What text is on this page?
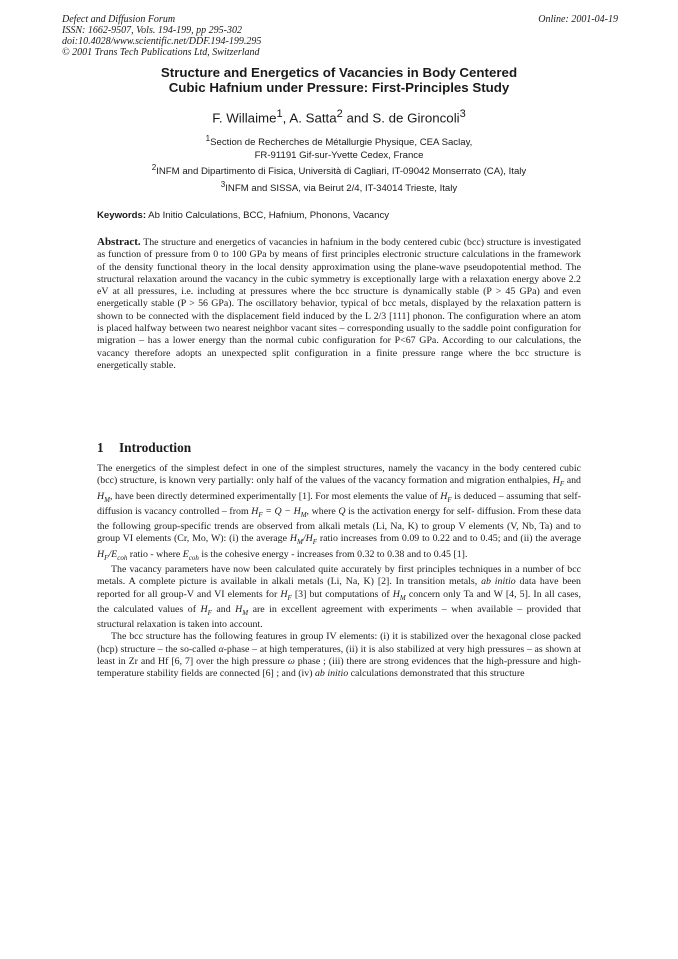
Defect and Diffusion Forum
ISSN: 1662-9507, Vols. 194-199, pp 295-302
doi:10.4028/www.scientific.net/DDF.194-199.295
© 2001 Trans Tech Publications Ltd, Switzerland
Online: 2001-04-19
Structure and Energetics of Vacancies in Body Centered
Cubic Hafnium under Pressure: First-Principles Study
F. Willaime$^1$, A. Satta$^2$ and S. de Gironcoli$^3$
$^1$Section de Recherches de Métallurgie Physique, CEA Saclay,
FR-91191 Gif-sur-Yvette Cedex, France
$^2$INFM and Dipartimento di Fisica, Università di Cagliari, IT-09042 Monserrato (CA), Italy
$^3$INFM and SISSA, via Beirut 2/4, IT-34014 Trieste, Italy
Keywords: Ab Initio Calculations, BCC, Hafnium, Phonons, Vacancy
Abstract. The structure and energetics of vacancies in hafnium in the body centered cubic (bcc) structure is investigated as function of pressure from 0 to 100 GPa by means of first principles electronic structure calculations in the framework of the density functional theory in the local density approximation using the plane-wave pseudopotential method. The structural relaxation around the vacancy in the cubic symmetry is exceptionally large with a relaxation energy above 2.2 eV at all pressures, i.e. including at pressures where the bcc structure is dynamically stable (P > 45 GPa) and even energetically stable (P > 56 GPa). The oscillatory behavior, typical of bcc metals, displayed by the relaxation pattern is shown to be connected with the displacement field induced by the L 2/3 [111] phonon. The configuration where an atom is placed halfway between two nearest neighbor vacant sites – corresponding usually to the saddle point configuration for migration – has a lower energy than the normal cubic configuration for P<67 GPa. According to our calculations, the vacancy therefore adopts an unexpected split configuration in a finite pressure range where the bcc structure is energetically stable.
1 Introduction

The energetics of the simplest defect in one of the simplest structures, namely the vacancy in the body centered cubic (bcc) structure, is known very partially: only half of the values of the vacancy formation and migration enthalpies, $H_F$ and $H_M$, have been directly determined experimentally [1]. For most elements the value of $H_F$ is deduced – assuming that self-diffusion is vacancy controlled – from $H_F = Q - H_M$, where Q is the activation energy for self- diffusion. From these data the following group-specific trends are observed from alkali metals (Li, Na, K) to group V elements (V, Nb, Ta) and to group VI elements (Cr, Mo, W): (i) the average $H_M/H_F$ ratio increases from 0.09 to 0.22 and to 0.45; and (ii) the average $H_F/E_{coh}$ ratio - where $E_{coh}$ is the cohesive energy - increases from 0.32 to 0.38 and to 0.45 [1].

The vacancy parameters have now been calculated quite accurately by first principles techniques in a number of bcc metals. A complete picture is available in alkali metals (Li, Na, K) [2]. In transition metals, ab initio data have been reported for all group-V and VI elements for $H_F$ [3] but computations of $H_M$ concern only Ta and W [4, 5]. In all cases, the calculated values of $H_F$ and $H_M$ are in excellent agreement with experiments – when available – provided that structural relaxation is taken into account.

The bcc structure has the following features in group IV elements: (i) it is stabilized over the hexagonal close packed (hcp) structure – the so-called α-phase – at high temperatures, (ii) it is also stabilized at very high pressures – as shown at least in Zr and Hf [6, 7] over the high pressure ω phase ; (iii) there are strong evidences that the high-pressure and high-temperature stability fields are connected [6] ; and (iv) ab initio calculations demonstrated that this structure
